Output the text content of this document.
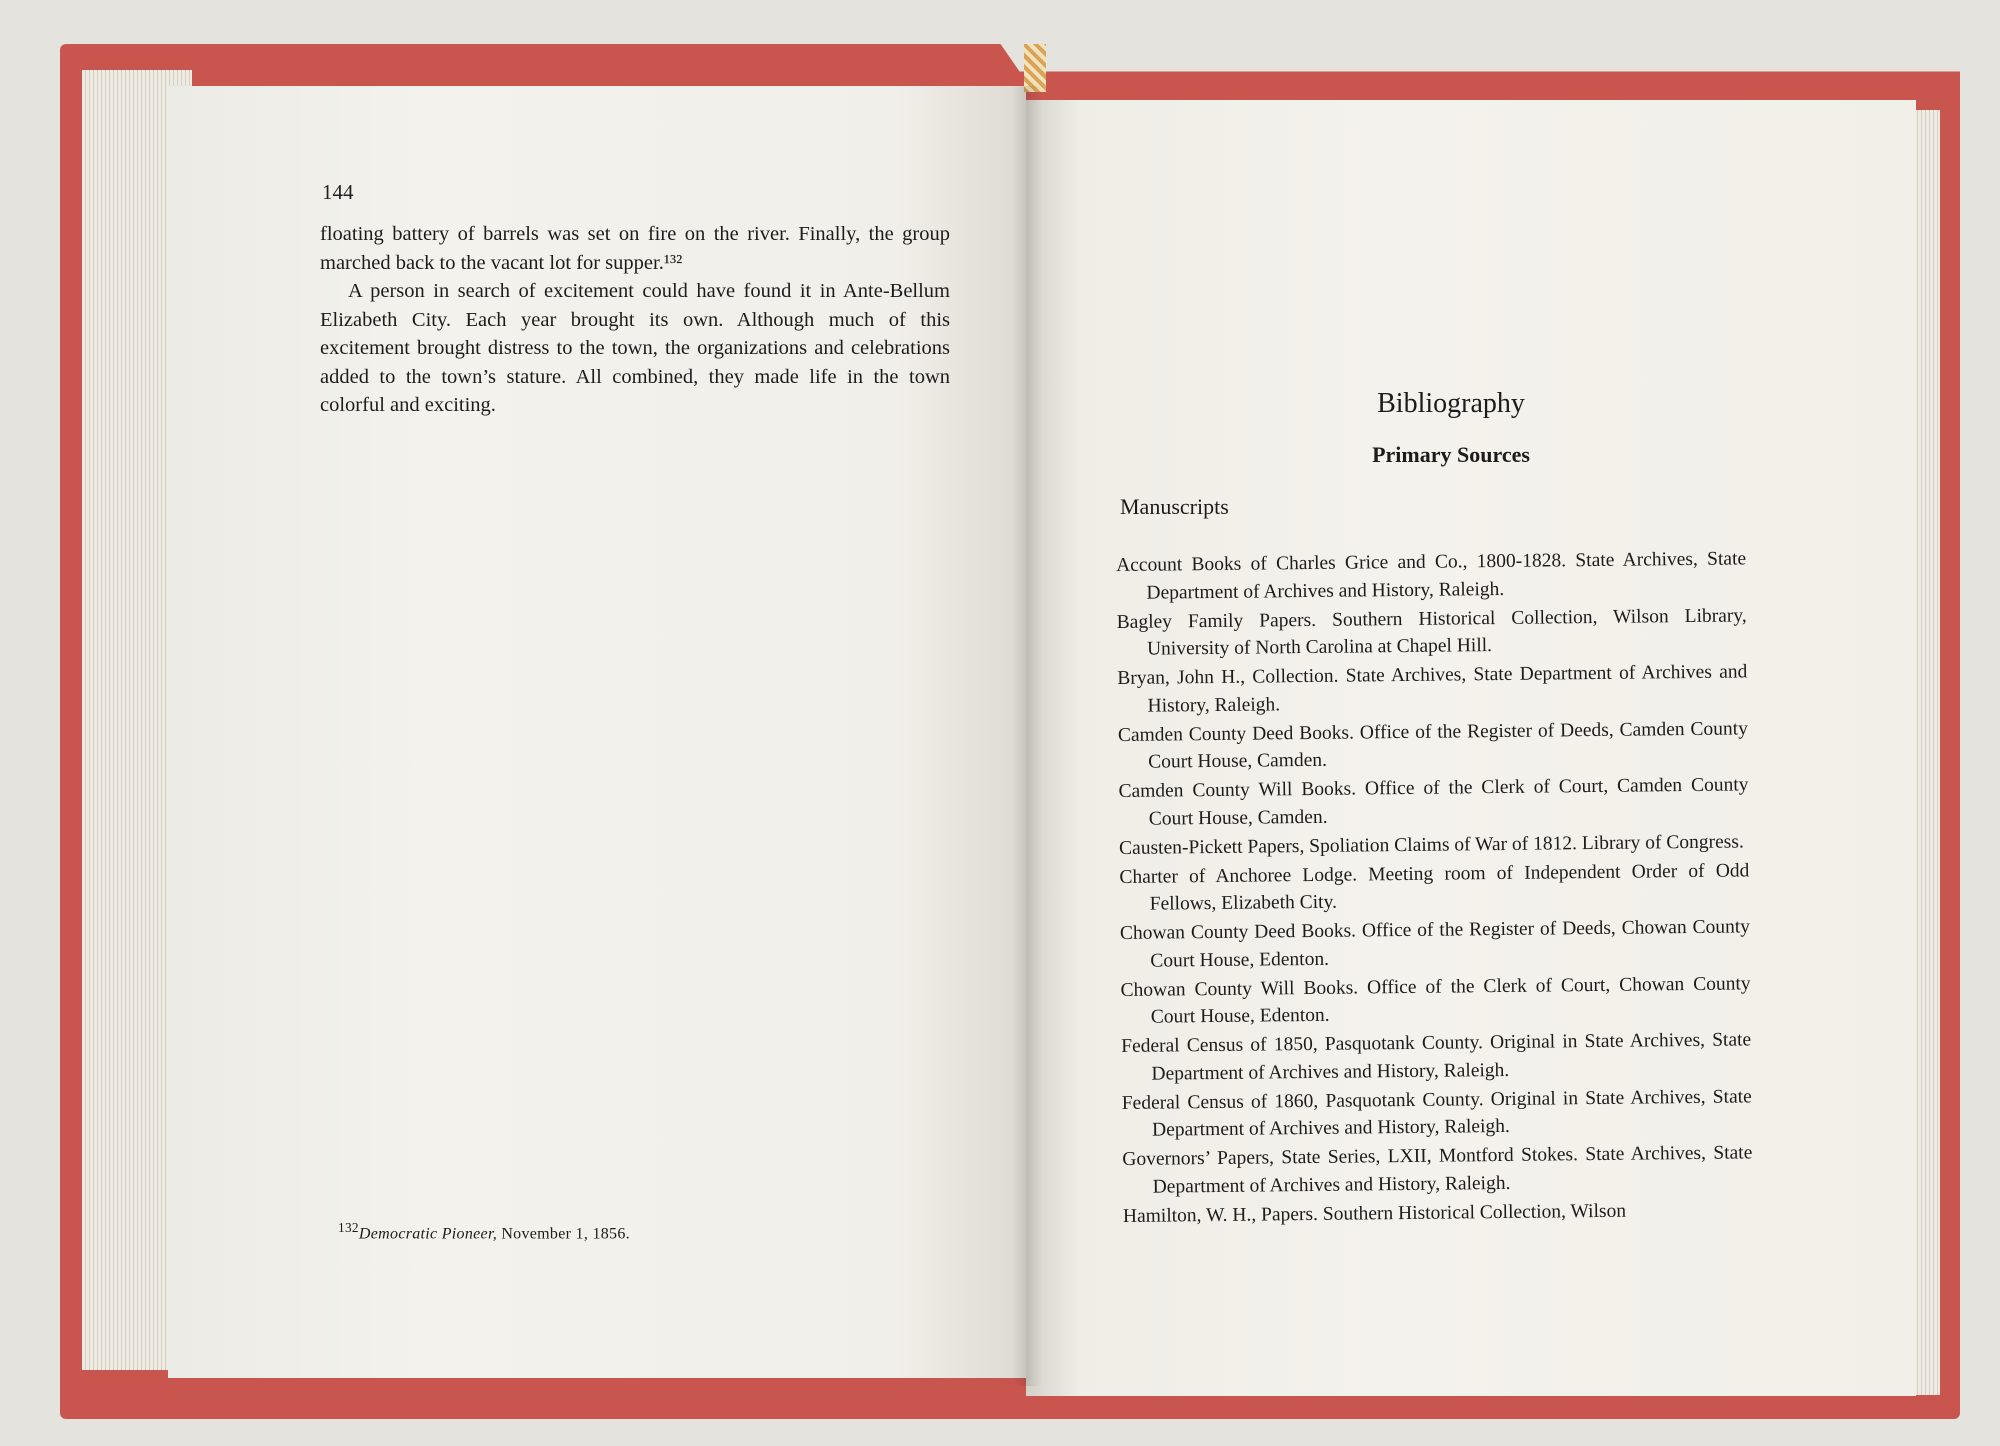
144

floating battery of barrels was set on fire on the river. Finally, the group marched back to the vacant lot for supper.¹³²

A person in search of excitement could have found it in Ante-Bellum Elizabeth City. Each year brought its own. Although much of this excitement brought distress to the town, the organizations and celebrations added to the town’s stature. All combined, they made life in the town colorful and exciting.

$^{132}$Democratic Pioneer, November 1, 1856.
Bibliography
Primary Sources
Manuscripts

Account Books of Charles Grice and Co., 1800-1828. State Archives, State Department of Archives and History, Raleigh.

Bagley Family Papers. Southern Historical Collection, Wilson Library, University of North Carolina at Chapel Hill.

Bryan, John H., Collection. State Archives, State Department of Archives and History, Raleigh.

Camden County Deed Books. Office of the Register of Deeds, Camden County Court House, Camden.

Camden County Will Books. Office of the Clerk of Court, Camden County Court House, Camden.

Causten-Pickett Papers, Spoliation Claims of War of 1812. Library of Congress.

Charter of Anchoree Lodge. Meeting room of Independent Order of Odd Fellows, Elizabeth City.

Chowan County Deed Books. Office of the Register of Deeds, Chowan County Court House, Edenton.

Chowan County Will Books. Office of the Clerk of Court, Chowan County Court House, Edenton.

Federal Census of 1850, Pasquotank County. Original in State Archives, State Department of Archives and History, Raleigh.

Federal Census of 1860, Pasquotank County. Original in State Archives, State Department of Archives and History, Raleigh.

Governors’ Papers, State Series, LXII, Montford Stokes. State Archives, State Department of Archives and History, Raleigh.

Hamilton, W. H., Papers. Southern Historical Collection, Wilson
